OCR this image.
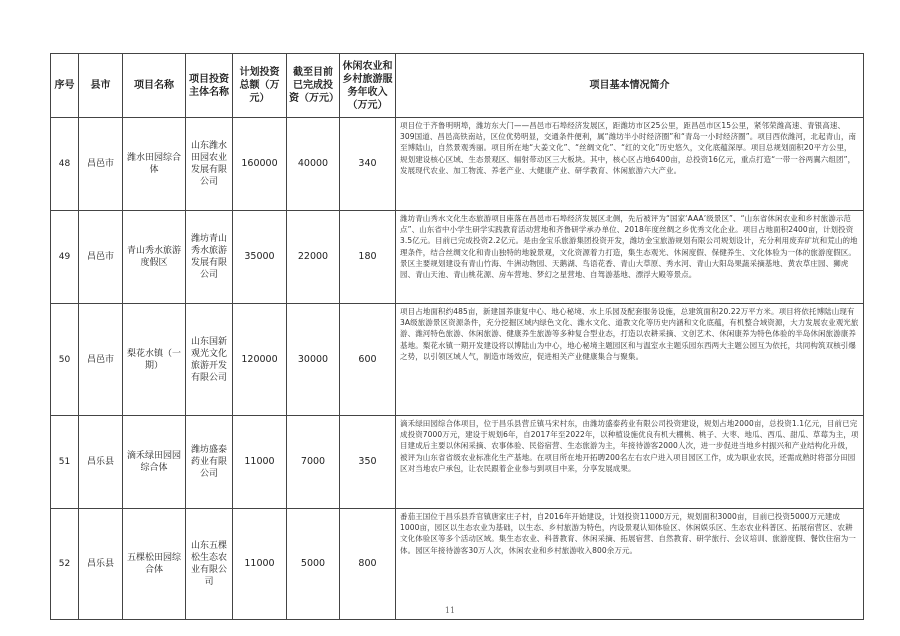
序号	县市	项目名称	项目投资主体名称	计划投资总额（万元）	截至目前已完成投资（万元）	休闲农业和乡村旅游服务年收入（万元）	项目基本情况简介
48	昌邑市	潍水田园综合体	山东潍水田园农业发展有限公司	160000	40000	340	项目位于齐鲁明明埠，潍坊东大门——昌邑市石埠经济发展区，距潍坊市区25公里，距昌邑市区15公里，紧邻荣潍高速、青银高速、309国道、昌邑高铁南站，区位优势明显，交通条件便利，属“潍坊半小时经济圈”和“青岛一小时经济圈”。项目西依潍河，北起青山，南至博陆山，自然景观秀丽。项目所在地“大姜文化”、“丝绸文化”、“红的文化”历史悠久，文化底蕴深厚。项目总规划面积20平方公里，规划建设核心区域、生态景观区、辐射带动区三大板块。其中，核心区占地6400亩，总投资16亿元，重点打造“一带一谷两翼六组团”，发展现代农业、加工物流、养老产业、大健康产业、研学教育、休闲旅游六大产业。
49	昌邑市	青山秀水旅游度假区	潍坊青山秀水旅游发展有限公司	35000	22000	180	潍坊青山秀水文化生态旅游项目座落在昌邑市石埠经济发展区北侧，先后被评为“国家‘AAA’级景区”、“山东省休闲农业和乡村旅游示范点”、山东省中小学生研学实践教育活动营地和齐鲁研学承办单位、2018年度丝绸之乡优秀文化企业。项目占地面积2400亩，计划投资3.5亿元。目前已完成投资2.2亿元。是由金宝乐旅游集团投资开发，潍坊金宝旅游规划有限公司规划设计，充分利用废弃矿坑和荒山的地理条件，结合丝绸文化和青山独特的地貌景观，文化资源着力打造，集生态观光、休闲度假、保健养生、文化体验为一体的旅游度假区。景区主要规划建设有青山竹海、牛洲动物园、天鹅湖、鸟语花香、青山大草原、秀水河、青山大阳岛果蔬采摘基地、黄农草庄园、狮虎园、青山天池、青山桃花源、房车营地、梦幻之星营地、自驾游基地、漂浮大殿等景点。
50	昌邑市	梨花水镇（一期）	山东国新观光文化旅游开发有限公司	120000	30000	600	项目占地面积约485亩，新建国养康复中心、地心秘境、水上乐园及配套服务设施，总建筑面积20.22万平方米。项目将依托博陆山现有3A级旅游景区资源条件，充分挖掘区域内绿色文化、潍水文化、道教文化等历史内涵和文化底蕴，有机整合域资源，大力发展农业观光旅游、潍河特色旅游、休闲旅游、健康养生旅游等多种复合型业态，打造以农耕采摘、文创艺术、休闲康养为特色体验的半岛休闲旅游康养基地。梨花水镇一期开发建设将以博陆山为中心，地心秘境主题园区和与温室水主题乐园东西两大主题公园互为依托，共同构筑双核引爆之势，以引领区域人气，制造市场效应，促进相关产业健康集合与聚集。
51	昌乐县	滴禾绿田园园综合体	潍坊盛泰药业有限公司	11000	7000	350	滴禾绿田园综合体项目，位于昌乐县营丘镇马宋村东，由潍坊盛泰药业有限公司投资建设，规划占地2000亩，总投资1.1亿元，目前已完成投资7000万元，建设于规划6年，自2017年至2022年，以种植设施优良有机大棚桃、桃子、大枣、地瓜、西瓜、甜瓜、草莓为主，项目建成后主要以休闲采摘、农事体验、民俗宿营、生态旅游为主，年接待游客2000人次，进一步促进当地乡村振兴和产业结构化升级，被评为山东省省级农业标准化生产基地。在项目所在地开拓聘200名左右农户进入项目园区工作，成为职业农民，还需成熟时将部分田园区对当地农户承包，让农民跟着企业参与到项目中来，分享发展成果。
52	昌乐县	五棵松田园综合体	山东五棵松生态农业有限公司	11000	5000	800	番茄王国位于昌乐县乔官镇唐家庄子村，自2016年开始建设，计划投资11000万元，规划面积3000亩，目前已投资5000万元建成1000亩，园区以生态农业为基础，以生态、乡村旅游为特色，内设景观认知体验区、休闲娱乐区、生态农业科普区、拓展宿营区、农耕文化体验区等多个活动区域。集生态农业、科普教育、休闲采摘、拓展宿营、自然教育、研学旅行、会议培训、旅游度假、餐饮住宿为一体。园区年接待游客30万人次，休闲农业和乡村旅游收入800余万元。
11
